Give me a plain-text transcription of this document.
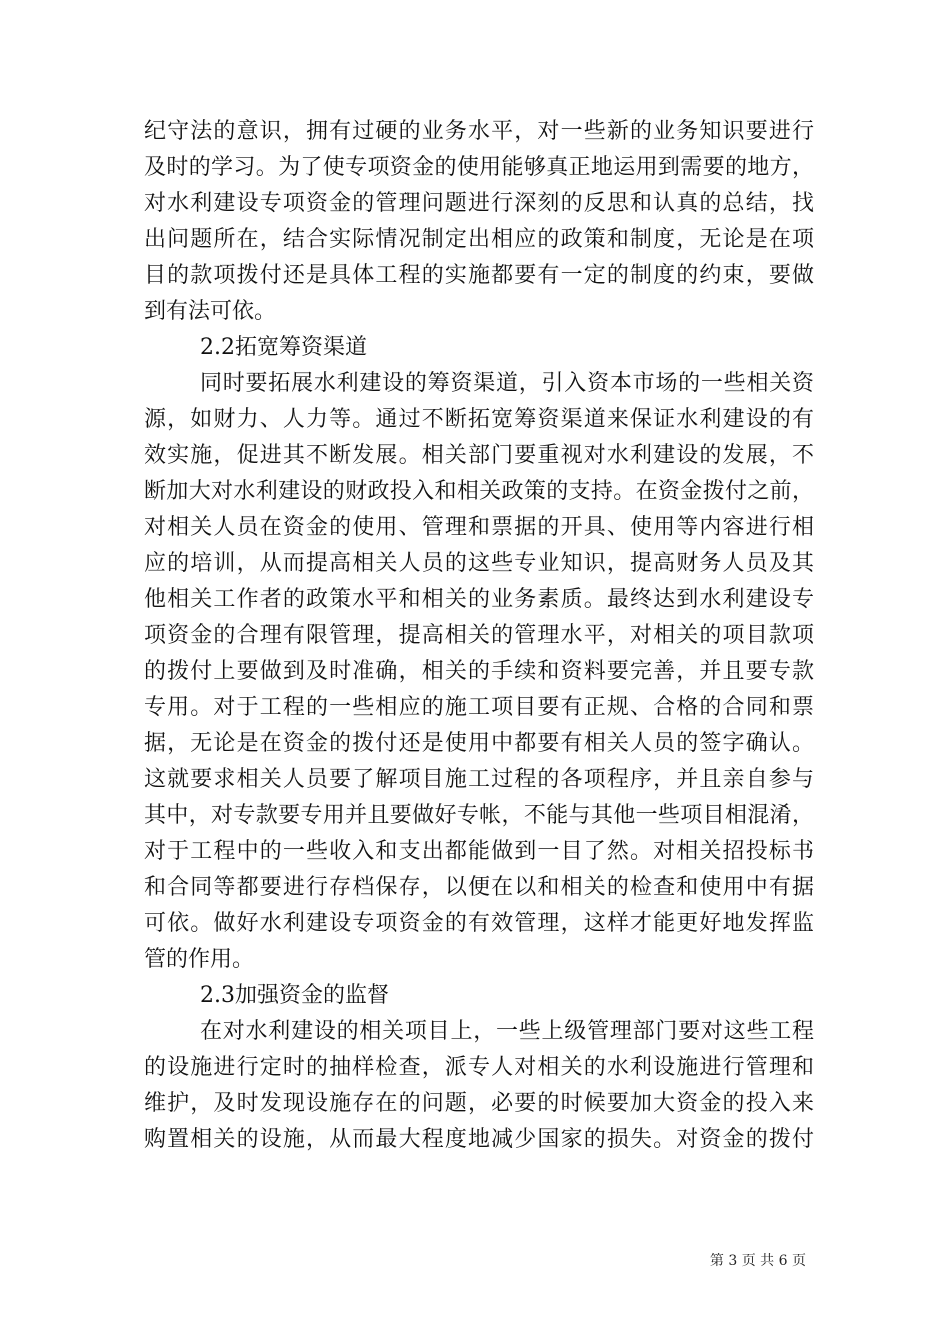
纪守法的意识，拥有过硬的业务水平，对一些新的业务知识要进行
及时的学习。为了使专项资金的使用能够真正地运用到需要的地方，
对水利建设专项资金的管理问题进行深刻的反思和认真的总结，找
出问题所在，结合实际情况制定出相应的政策和制度，无论是在项
目的款项拨付还是具体工程的实施都要有一定的制度的约束，要做
到有法可依。
2.2拓宽筹资渠道
同时要拓展水利建设的筹资渠道，引入资本市场的一些相关资
源，如财力、人力等。通过不断拓宽筹资渠道来保证水利建设的有
效实施，促进其不断发展。相关部门要重视对水利建设的发展，不
断加大对水利建设的财政投入和相关政策的支持。在资金拨付之前，
对相关人员在资金的使用、管理和票据的开具、使用等内容进行相
应的培训，从而提高相关人员的这些专业知识，提高财务人员及其
他相关工作者的政策水平和相关的业务素质。最终达到水利建设专
项资金的合理有限管理，提高相关的管理水平，对相关的项目款项
的拨付上要做到及时准确，相关的手续和资料要完善，并且要专款
专用。对于工程的一些相应的施工项目要有正规、合格的合同和票
据，无论是在资金的拨付还是使用中都要有相关人员的签字确认。
这就要求相关人员要了解项目施工过程的各项程序，并且亲自参与
其中，对专款要专用并且要做好专帐，不能与其他一些项目相混淆，
对于工程中的一些收入和支出都能做到一目了然。对相关招投标书
和合同等都要进行存档保存，以便在以和相关的检查和使用中有据
可依。做好水利建设专项资金的有效管理，这样才能更好地发挥监
管的作用。
2.3加强资金的监督
在对水利建设的相关项目上，一些上级管理部门要对这些工程
的设施进行定时的抽样检查，派专人对相关的水利设施进行管理和
维护，及时发现设施存在的问题，必要的时候要加大资金的投入来
购置相关的设施，从而最大程度地减少国家的损失。对资金的拨付
第 3 页 共 6 页
